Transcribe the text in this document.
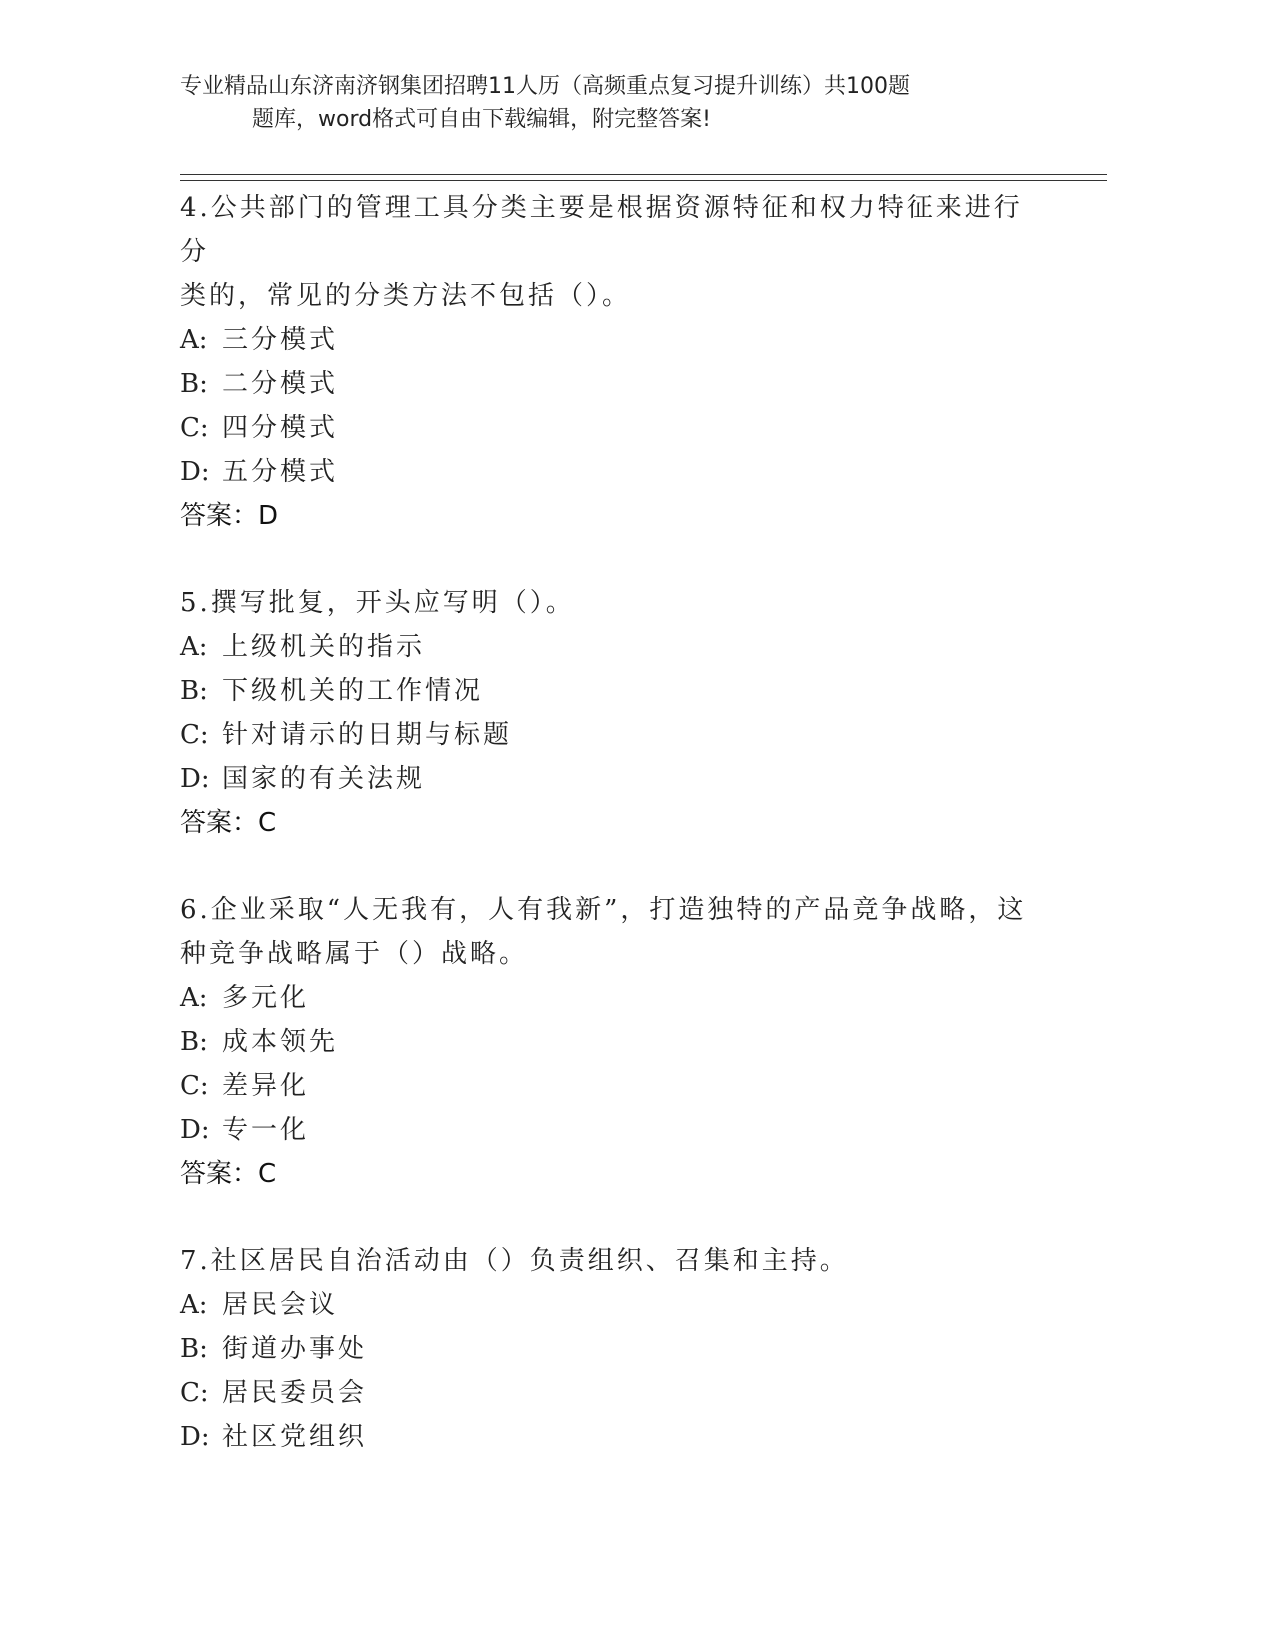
专业精品山东济南济钢集团招聘11人历（高频重点复习提升训练）共100题
题库，word格式可自由下载编辑，附完整答案!
4.公共部门的管理工具分类主要是根据资源特征和权力特征来进行分
类的，常见的分类方法不包括（）。
A: 三分模式
B: 二分模式
C: 四分模式
D: 五分模式
答案：D
5.撰写批复，开头应写明（）。
A: 上级机关的指示
B: 下级机关的工作情况
C: 针对请示的日期与标题
D: 国家的有关法规
答案：C
6.企业采取“人无我有，人有我新”，打造独特的产品竞争战略，这
种竞争战略属于（）战略。
A: 多元化
B: 成本领先
C: 差异化
D: 专一化
答案：C
7.社区居民自治活动由（）负责组织、召集和主持。
A: 居民会议
B: 街道办事处
C: 居民委员会
D: 社区党组织
